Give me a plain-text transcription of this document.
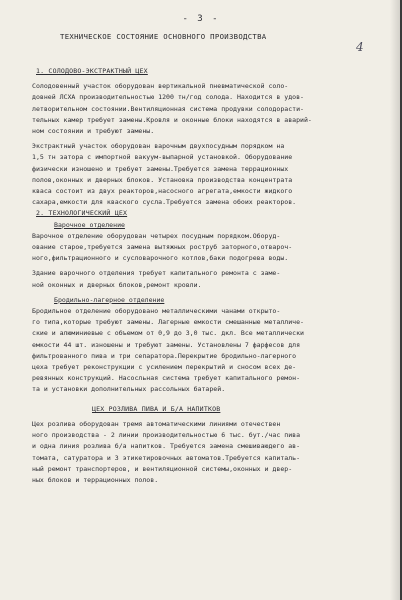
- 3 -
4
ТЕХНИЧЕСКОЕ СОСТОЯНИЕ ОСНОВНОГО ПРОИЗВОДСТВА

1. СОЛОДОВО-ЭКСТРАКТНЫЙ ЦЕХ

Солодовенный участок оборудован вертикальной пневматической соло-

довней ЛСХА производительностью 1200 тн/год солода. Находится в удов-

летворительном состоянии.Вентиляционная система продувки солодорасти-

тельных камер требует замены.Кровля и оконные блоки находятся в аварий-

ном состоянии и требуют замены.

Экстрактный участок оборудован варочным двухпосудным порядком на

1,5 тн затора с импортной вакуум-выпарной установкой. Оборудование

физически изношено и требует замены.Требуется замена террационных

полов,оконных и дверных блоков. Установка производства концентрата

кваса состоит из двух реакторов,насосного агрегата,емкости жидкого

сахара,емкости для кваского сусла.Требуется замена обоих реакторов.

2. ТЕХНОЛОГИЧЕСКИЙ ЦЕХ

Варочное отделение

Варочное отделение оборудован четырех посудным порядком.Оборуд-

ование старое,требуется замена вытяжных роструб заторного,отвароч-

ного,фильтрационного и сусловарочного котлов,баки подогрева воды.

Здание варочного отделения требует капитального ремонта с заме-

ной оконных и дверных блоков,ремонт кровли.

Бродильно-лагерное отделение

Бродильное отделение оборудовано металлическими чанами открыто-

го типа,которые требуют замены. Лагерные емкости смешанные металличе-

ские и алюминиевые с объемом от 0,9 до 3,0 тыс. дкл. Все металлически

емкости 44 шт. изношены и требуют замены. Установлены 7 фарфесов для

фильтрованного пива и три сепаратора.Перекрытие бродильно-лагерного

цеха требует реконструкции с усилением перекрытий и сносом всех де-

ревянных конструкций. Насосльная система требует капитального ремон-

та и установки дополнительных рассольных батарей.

ЦЕХ РОЗЛИВА ПИВА И Б/А НАПИТКОВ

Цех розлива оборудован тремя автоматическими линиями отечествен

ного производства - 2 линии производительностью 6 тыс. бут./час пива

и одна линия розлива б/а напитков. Требуется замена смешиваюдего ав-

томата, сатуратора и 3 этикетировочных автоматов.Требуется капиталь-

ный ремонт транспортеров, и вентиляционной системы,оконных и двер-

ных блоков и террационных полов.
